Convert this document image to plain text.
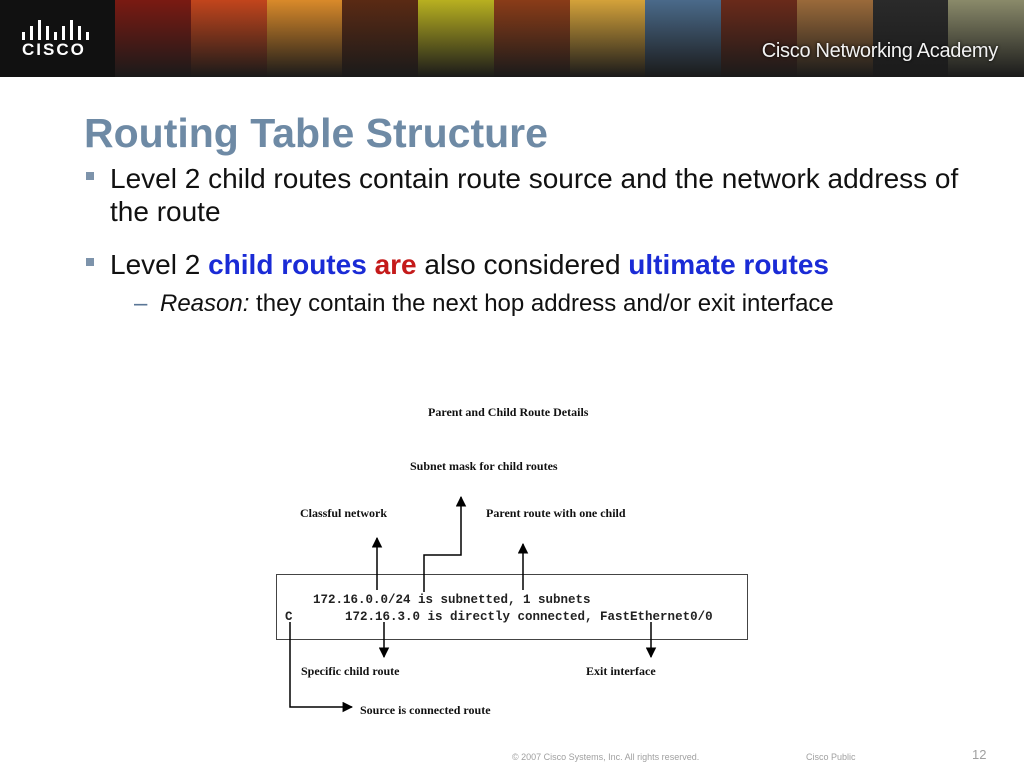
CISCO	Cisco Networking Academy
Routing Table Structure
Level 2 child routes contain route source and the network address of the route
Level 2 child routes are also considered ultimate routes
– Reason: they contain the next hop address and/or exit interface
Parent and Child Route Details
Subnet mask for child routes
Classful network	Parent route with one child
172.16.0.0/24 is subnetted, 1 subnets
C       172.16.3.0 is directly connected, FastEthernet0/0
Specific child route	Exit interface
Source is connected route
© 2007 Cisco Systems, Inc. All rights reserved.	Cisco Public	12
